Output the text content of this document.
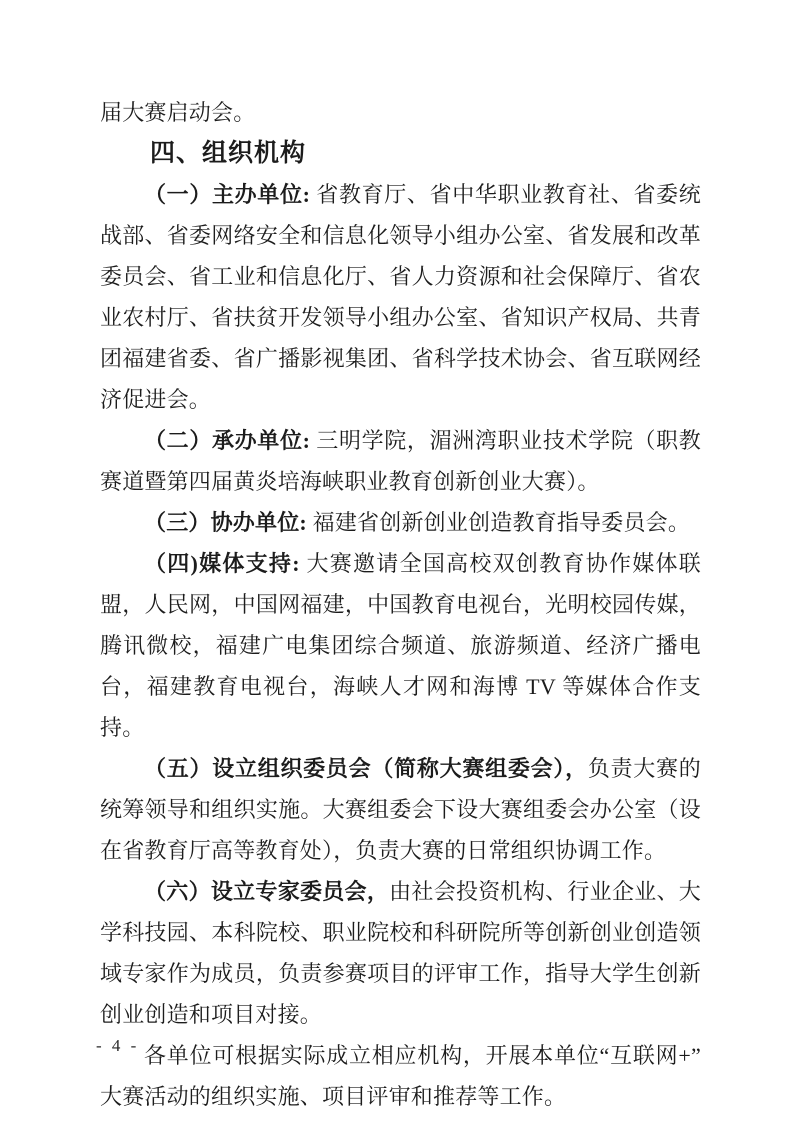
届大赛启动会。

四、组织机构

（一）主办单位: 省教育厅、省中华职业教育社、省委统战部、省委网络安全和信息化领导小组办公室、省发展和改革委员会、省工业和信息化厅、省人力资源和社会保障厅、省农业农村厅、省扶贫开发领导小组办公室、省知识产权局、共青团福建省委、省广播影视集团、省科学技术协会、省互联网经济促进会。

（二）承办单位: 三明学院，湄洲湾职业技术学院（职教赛道暨第四届黄炎培海峡职业教育创新创业大赛）。

（三）协办单位: 福建省创新创业创造教育指导委员会。

（四)媒体支持: 大赛邀请全国高校双创教育协作媒体联盟，人民网，中国网福建，中国教育电视台，光明校园传媒，腾讯微校，福建广电集团综合频道、旅游频道、经济广播电台，福建教育电视台，海峡人才网和海博 TV 等媒体合作支持。

（五）设立组织委员会（简称大赛组委会），负责大赛的统筹领导和组织实施。大赛组委会下设大赛组委会办公室（设在省教育厅高等教育处），负责大赛的日常组织协调工作。

（六）设立专家委员会，由社会投资机构、行业企业、大学科技园、本科院校、职业院校和科研院所等创新创业创造领域专家作为成员，负责参赛项目的评审工作，指导大学生创新创业创造和项目对接。

各单位可根据实际成立相应机构，开展本单位“互联网+”大赛活动的组织实施、项目评审和推荐等工作。

- 4 -
